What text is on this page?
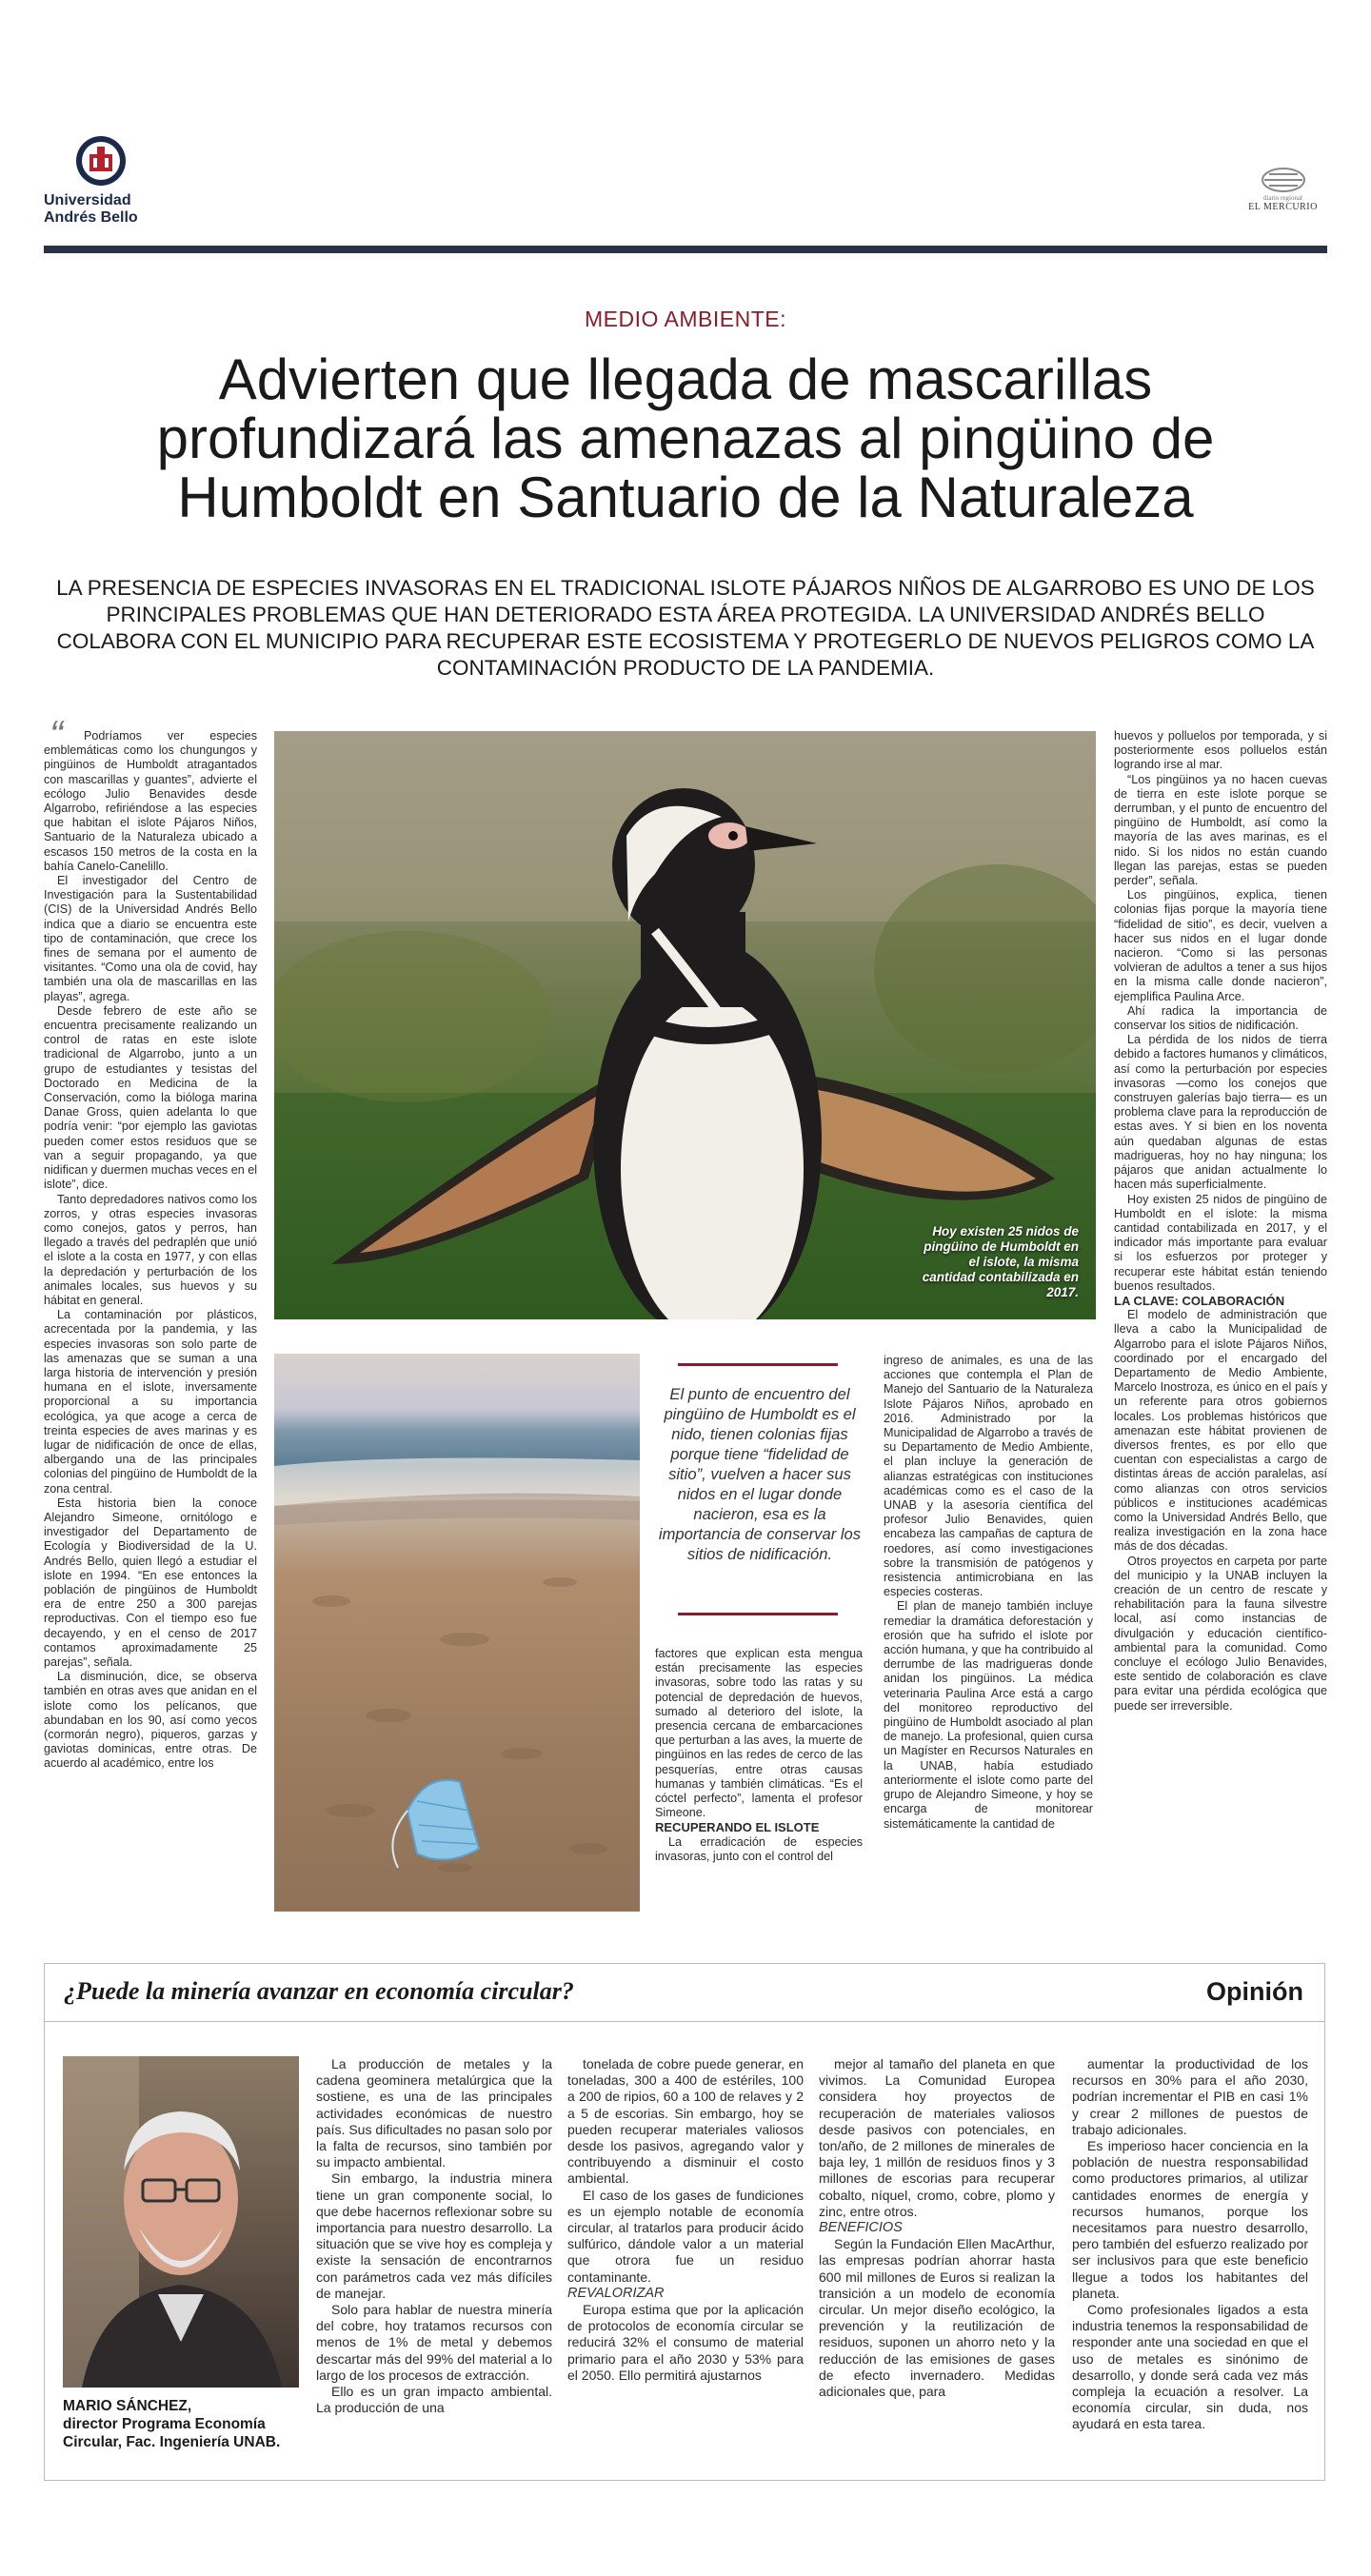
Universidad
Andrés Bello
diario regional
EL MERCURIO
MEDIO AMBIENTE:
Advierten que llegada de mascarillas profundizará las amenazas al pingüino de Humboldt en Santuario de la Naturaleza
LA PRESENCIA DE ESPECIES INVASORAS EN EL TRADICIONAL ISLOTE PÁJAROS NIÑOS DE ALGARROBO ES UNO DE LOS PRINCIPALES PROBLEMAS QUE HAN DETERIORADO ESTA ÁREA PROTEGIDA. LA UNIVERSIDAD ANDRÉS BELLO COLABORA CON EL MUNICIPIO PARA RECUPERAR ESTE ECOSISTEMA Y PROTEGERLO DE NUEVOS PELIGROS COMO LA CONTAMINACIÓN PRODUCTO DE LA PANDEMIA.
“	Podríamos ver especies emblemáticas como los chungungos y pingüinos de Humboldt atragantados con mascarillas y guantes”, advierte el ecólogo Julio Benavides desde Algarrobo, refiriéndose a las especies que habitan el islote Pájaros Niños, Santuario de la Naturaleza ubicado a escasos 150 metros de la costa en la bahía Canelo-Canelillo.

El investigador del Centro de Investigación para la Sustentabilidad (CIS) de la Universidad Andrés Bello indica que a diario se encuentra este tipo de contaminación, que crece los fines de semana por el aumento de visitantes. “Como una ola de covid, hay también una ola de mascarillas en las playas”, agrega.

Desde febrero de este año se encuentra precisamente realizando un control de ratas en este islote tradicional de Algarrobo, junto a un grupo de estudiantes y tesistas del Doctorado en Medicina de la Conservación, como la bióloga marina Danae Gross, quien adelanta lo que podría venir: “por ejemplo las gaviotas pueden comer estos residuos que se van a seguir propagando, ya que nidifican y duermen muchas veces en el islote”, dice.

Tanto depredadores nativos como los zorros, y otras especies invasoras como conejos, gatos y perros, han llegado a través del pedraplén que unió el islote a la costa en 1977, y con ellas la depredación y perturbación de los animales locales, sus huevos y su hábitat en general.

La contaminación por plásticos, acrecentada por la pandemia, y las especies invasoras son solo parte de las amenazas que se suman a una larga historia de intervención y presión humana en el islote, inversamente proporcional a su importancia ecológica, ya que acoge a cerca de treinta especies de aves marinas y es lugar de nidificación de once de ellas, albergando una de las principales colonias del pingüino de Humboldt de la zona central.

Esta historia bien la conoce Alejandro Simeone, ornitólogo e investigador del Departamento de Ecología y Biodiversidad de la U. Andrés Bello, quien llegó a estudiar el islote en 1994. “En ese entonces la población de pingüinos de Humboldt era de entre 250 a 300 parejas reproductivas. Con el tiempo eso fue decayendo, y en el censo de 2017 contamos aproximadamente 25 parejas”, señala.

La disminución, dice, se observa también en otras aves que anidan en el islote como los pelícanos, que abundaban en los 90, así como yecos (cormorán negro), piqueros, garzas y gaviotas dominicas, entre otras. De acuerdo al académico, entre los

Hoy existen 25 nidos de pingüino de Humboldt en el islote, la misma cantidad contabilizada en 2017.
El punto de encuentro del pingüino de Humboldt es el nido, tienen colonias fijas porque tiene “fidelidad de sitio”, vuelven a hacer sus nidos en el lugar donde nacieron, esa es la importancia de conservar los sitios de nidificación.

factores que explican esta mengua están precisamente las especies invasoras, sobre todo las ratas y su potencial de depredación de huevos, sumado al deterioro del islote, la presencia cercana de embarcaciones que perturban a las aves, la muerte de pingüinos en las redes de cerco de las pesquerías, entre otras causas humanas y también climáticas. “Es el cóctel perfecto”, lamenta el profesor Simeone.

RECUPERANDO EL ISLOTE

La erradicación de especies invasoras, junto con el control del

ingreso de animales, es una de las acciones que contempla el Plan de Manejo del Santuario de la Naturaleza Islote Pájaros Niños, aprobado en 2016. Administrado por la Municipalidad de Algarrobo a través de su Departamento de Medio Ambiente, el plan incluye la generación de alianzas estratégicas con instituciones académicas como es el caso de la UNAB y la asesoría científica del profesor Julio Benavides, quien encabeza las campañas de captura de roedores, así como investigaciones sobre la transmisión de patógenos y resistencia antimicrobiana en las especies costeras.

El plan de manejo también incluye remediar la dramática deforestación y erosión que ha sufrido el islote por acción humana, y que ha contribuido al derrumbe de las madrigueras donde anidan los pingüinos. La médica veterinaria Paulina Arce está a cargo del monitoreo reproductivo del pingüino de Humboldt asociado al plan de manejo. La profesional, quien cursa un Magíster en Recursos Naturales en la UNAB, había estudiado anteriormente el islote como parte del grupo de Alejandro Simeone, y hoy se encarga de monitorear sistemáticamente la cantidad de

huevos y polluelos por temporada, y si posteriormente esos polluelos están logrando irse al mar.

“Los pingüinos ya no hacen cuevas de tierra en este islote porque se derrumban, y el punto de encuentro del pingüino de Humboldt, así como la mayoría de las aves marinas, es el nido. Si los nidos no están cuando llegan las parejas, estas se pueden perder”, señala.

Los pingüinos, explica, tienen colonias fijas porque la mayoría tiene “fidelidad de sitio”, es decir, vuelven a hacer sus nidos en el lugar donde nacieron. “Como si las personas volvieran de adultos a tener a sus hijos en la misma calle donde nacieron”, ejemplifica Paulina Arce.

Ahí radica la importancia de conservar los sitios de nidificación.

La pérdida de los nidos de tierra debido a factores humanos y climáticos, así como la perturbación por especies invasoras —como los conejos que construyen galerías bajo tierra— es un problema clave para la reproducción de estas aves. Y si bien en los noventa aún quedaban algunas de estas madrigueras, hoy no hay ninguna; los pájaros que anidan actualmente lo hacen más superficialmente.

Hoy existen 25 nidos de pingüino de Humboldt en el islote: la misma cantidad contabilizada en 2017, y el indicador más importante para evaluar si los esfuerzos por proteger y recuperar este hábitat están teniendo buenos resultados.

LA CLAVE: COLABORACIÓN

El modelo de administración que lleva a cabo la Municipalidad de Algarrobo para el islote Pájaros Niños, coordinado por el encargado del Departamento de Medio Ambiente, Marcelo Inostroza, es único en el país y un referente para otros gobiernos locales. Los problemas históricos que amenazan este hábitat provienen de diversos frentes, es por ello que cuentan con especialistas a cargo de distintas áreas de acción paralelas, así como alianzas con otros servicios públicos e instituciones académicas como la Universidad Andrés Bello, que realiza investigación en la zona hace más de dos décadas.

Otros proyectos en carpeta por parte del municipio y la UNAB incluyen la creación de un centro de rescate y rehabilitación para la fauna silvestre local, así como instancias de divulgación y educación científico-ambiental para la comunidad. Como concluye el ecólogo Julio Benavides, este sentido de colaboración es clave para evitar una pérdida ecológica que puede ser irreversible.

¿Puede la minería avanzar en economía circular?	Opinión
MARIO SÁNCHEZ,
director Programa Economía Circular, Fac. Ingeniería UNAB.

La producción de metales y la cadena geominera metalúrgica que la sostiene, es una de las principales actividades económicas de nuestro país. Sus dificultades no pasan solo por la falta de recursos, sino también por su impacto ambiental.

Sin embargo, la industria minera tiene un gran componente social, lo que debe hacernos reflexionar sobre su importancia para nuestro desarrollo. La situación que se vive hoy es compleja y existe la sensación de encontrarnos con parámetros cada vez más difíciles de manejar.

Solo para hablar de nuestra minería del cobre, hoy tratamos recursos con menos de 1% de metal y debemos descartar más del 99% del material a lo largo de los procesos de extracción.

Ello es un gran impacto ambiental. La producción de una

tonelada de cobre puede generar, en toneladas, 300 a 400 de estériles, 100 a 200 de ripios, 60 a 100 de relaves y 2 a 5 de escorias. Sin embargo, hoy se pueden recuperar materiales valiosos desde los pasivos, agregando valor y contribuyendo a disminuir el costo ambiental.

El caso de los gases de fundiciones es un ejemplo notable de economía circular, al tratarlos para producir ácido sulfúrico, dándole valor a un material que otrora fue un residuo contaminante.

REVALORIZAR

Europa estima que por la aplicación de protocolos de economía circular se reducirá 32% el consumo de material primario para el año 2030 y 53% para el 2050. Ello permitirá ajustarnos

mejor al tamaño del planeta en que vivimos. La Comunidad Europea considera hoy proyectos de recuperación de materiales valiosos desde pasivos con potenciales, en ton/año, de 2 millones de minerales de baja ley, 1 millón de residuos finos y 3 millones de escorias para recuperar cobalto, níquel, cromo, cobre, plomo y zinc, entre otros.

BENEFICIOS

Según la Fundación Ellen MacArthur, las empresas podrían ahorrar hasta 600 mil millones de Euros si realizan la transición a un modelo de economía circular. Un mejor diseño ecológico, la prevención y la reutilización de residuos, suponen un ahorro neto y la reducción de las emisiones de gases de efecto invernadero. Medidas adicionales que, para

aumentar la productividad de los recursos en 30% para el año 2030, podrían incrementar el PIB en casi 1% y crear 2 millones de puestos de trabajo adicionales.

Es imperioso hacer conciencia en la población de nuestra responsabilidad como productores primarios, al utilizar cantidades enormes de energía y recursos humanos, porque los necesitamos para nuestro desarrollo, pero también del esfuerzo realizado por ser inclusivos para que este beneficio llegue a todos los habitantes del planeta.

Como profesionales ligados a esta industria tenemos la responsabilidad de responder ante una sociedad en que el uso de metales es sinónimo de desarrollo, y donde será cada vez más compleja la ecuación a resolver. La economía circular, sin duda, nos ayudará en esta tarea.
